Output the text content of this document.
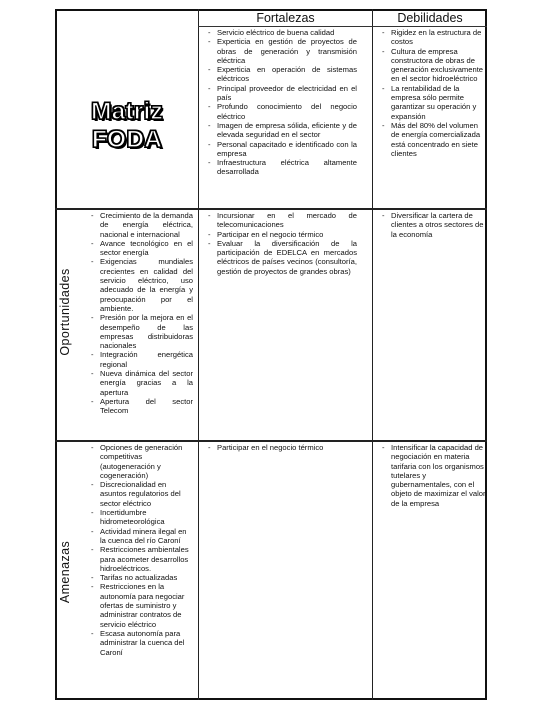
Fortalezas	Debilidades
Matriz FODA
Oportunidades
Amenazas
- Servicio eléctrico de buena calidad
- Experticia en gestión de proyectos de obras de generación y transmisión eléctrica
- Experticia en operación de sistemas eléctricos
- Principal proveedor de electricidad en el país
- Profundo conocimiento del negocio eléctrico
- Imagen de empresa sólida, eficiente y de elevada seguridad en el sector
- Personal capacitado e identificado con la empresa
- Infraestructura eléctrica altamente desarrollada
- Rigidez en la estructura de costos
- Cultura de empresa constructora de obras de generación exclusivamente en el sector hidroeléctrico
- La rentabilidad de la empresa sólo permite garantizar su operación y expansión
- Más del 80% del volumen de energía comercializada está concentrado en siete clientes
- Crecimiento de la demanda de energía eléctrica, nacional e internacional
- Avance tecnológico en el sector energía
- Exigencias mundiales crecientes en calidad del servicio eléctrico, uso adecuado de la energía y preocupación por el ambiente.
- Presión por la mejora en el desempeño de las empresas distribuidoras nacionales
- Integración energética regional
- Nueva dinámica del sector energía gracias a la apertura
- Apertura del sector Telecom
- Incursionar en el mercado de telecomunicaciones
- Participar en el negocio térmico
- Evaluar la diversificación de la participación de EDELCA en mercados eléctricos de países vecinos (consultoría, gestión de proyectos de grandes obras)
- Diversificar la cartera de clientes a otros sectores de la economía
- Opciones de generación competitivas (autogeneración y cogeneración)
- Discrecionalidad en asuntos regulatorios del sector eléctrico
- Incertidumbre hidrometeorológica
- Actividad minera ilegal en la cuenca del río Caroní
- Restricciones ambientales para acometer desarrollos hidroeléctricos.
- Tarifas no actualizadas
- Restricciones en la autonomía para negociar ofertas de suministro y administrar contratos de servicio eléctrico
- Escasa autonomía para administrar la cuenca del Caroní
- Participar en el negocio térmico
-	Intensificar la capacidad de negociación en materia tarifaria con los organismos tutelares y gubernamentales, con el objeto de maximizar el valor de la empresa
